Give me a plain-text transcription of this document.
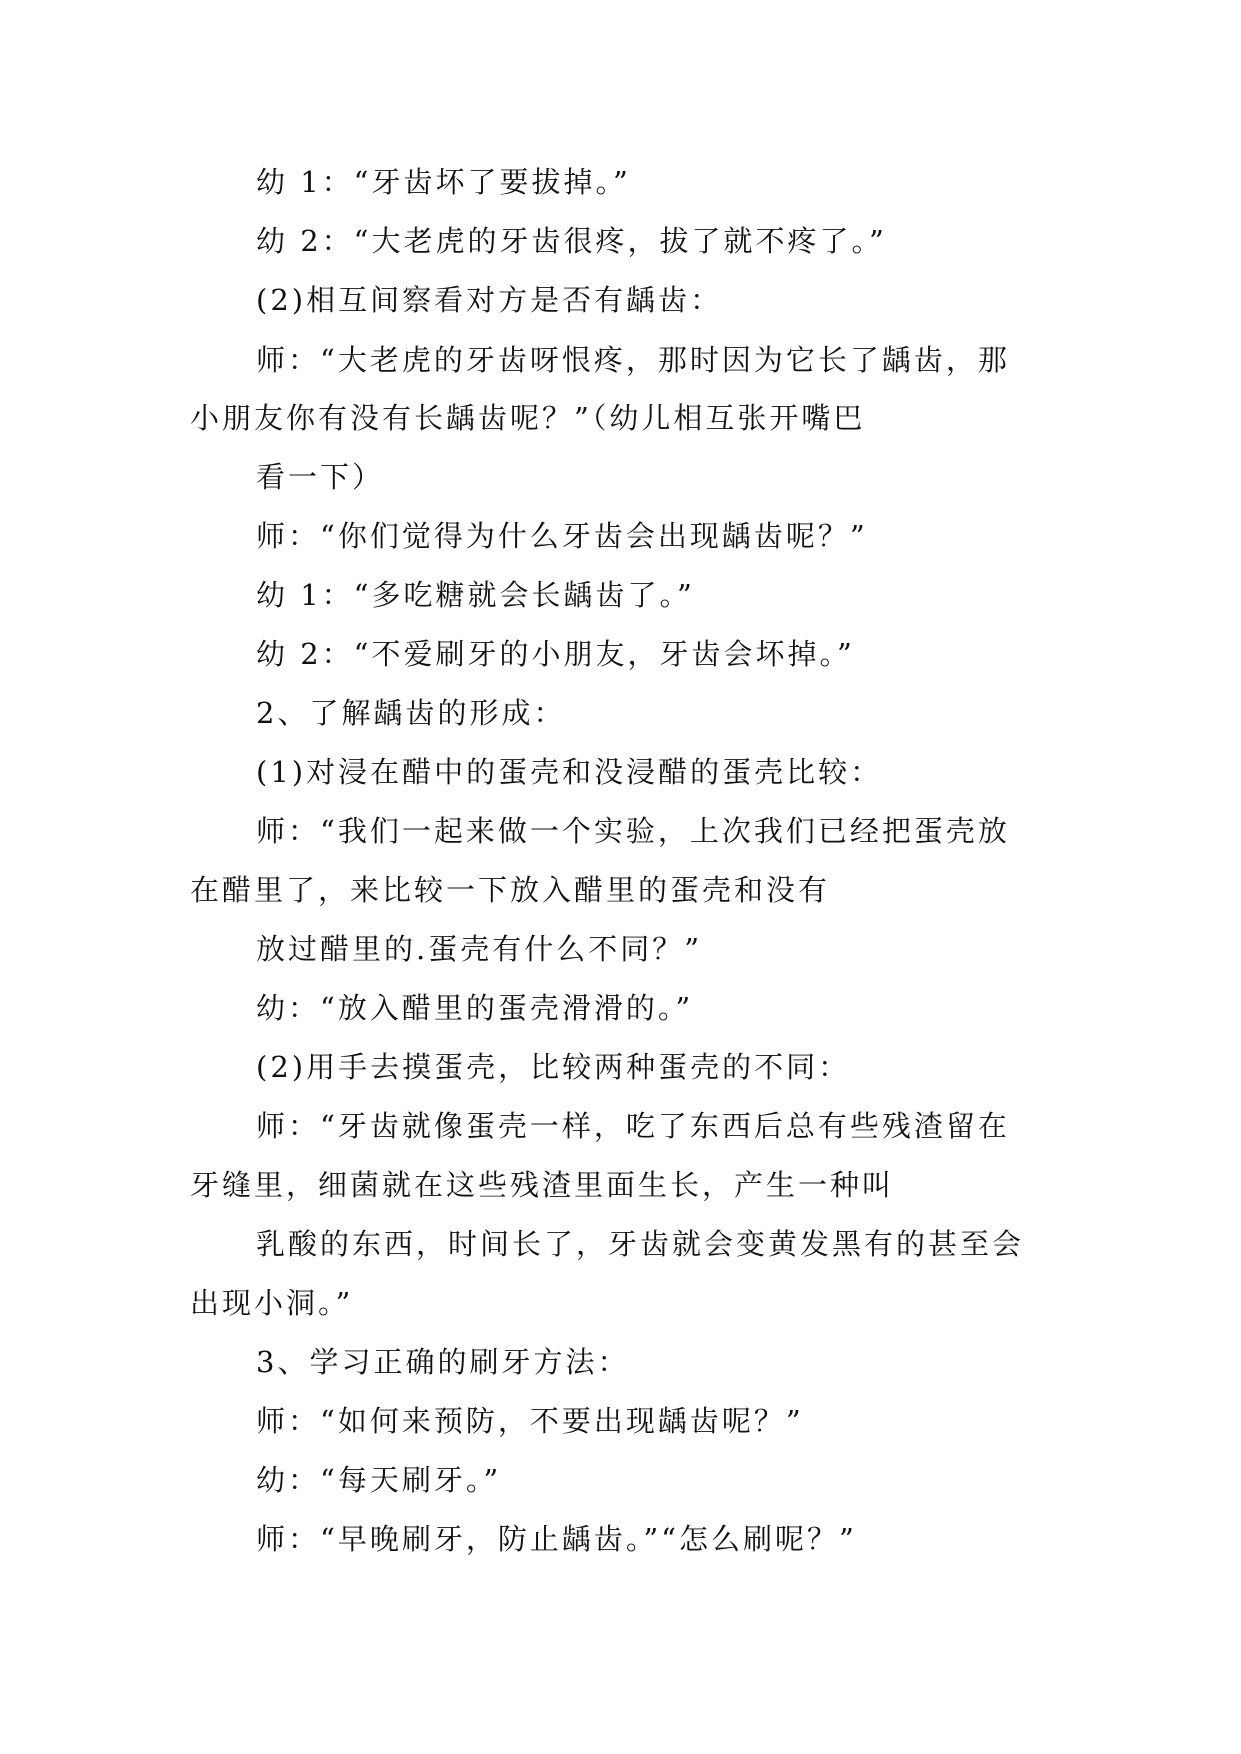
幼 1：“牙齿坏了要拔掉。”
幼 2：“大老虎的牙齿很疼，拔了就不疼了。”
(2)相互间察看对方是否有龋齿：
师：“大老虎的牙齿呀恨疼，那时因为它长了龋齿，那
小朋友你有没有长龋齿呢？”（幼儿相互张开嘴巴
看一下）
师：“你们觉得为什么牙齿会出现龋齿呢？”
幼 1：“多吃糖就会长龋齿了。”
幼 2：“不爱刷牙的小朋友，牙齿会坏掉。”
2、了解龋齿的形成：
(1)对浸在醋中的蛋壳和没浸醋的蛋壳比较：
师：“我们一起来做一个实验，上次我们已经把蛋壳放
在醋里了，来比较一下放入醋里的蛋壳和没有
放过醋里的.蛋壳有什么不同？”
幼：“放入醋里的蛋壳滑滑的。”
(2)用手去摸蛋壳，比较两种蛋壳的不同：
师：“牙齿就像蛋壳一样，吃了东西后总有些残渣留在
牙缝里，细菌就在这些残渣里面生长，产生一种叫
乳酸的东西，时间长了，牙齿就会变黄发黑有的甚至会
出现小洞。”
3、学习正确的刷牙方法：
师：“如何来预防，不要出现龋齿呢？”
幼：“每天刷牙。”
师：“早晚刷牙，防止龋齿。”“怎么刷呢？”
